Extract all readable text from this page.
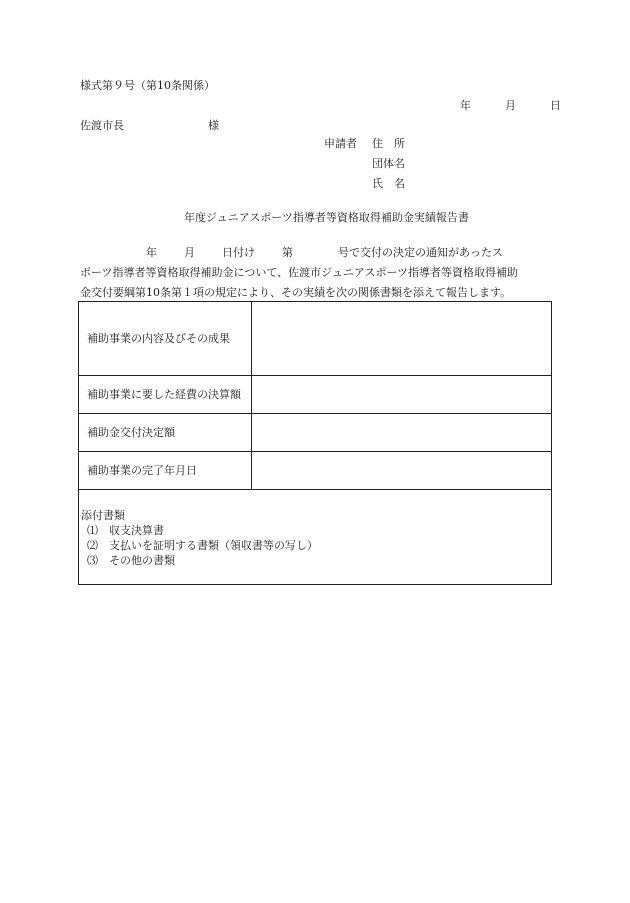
様式第９号（第10条関係）
年	月	日
佐渡市長	様
申請者	住　所
団体名
氏　名
年度ジュニアスポーツ指導者等資格取得補助金実績報告書
年 月 日付け 第	号で交付の決定の通知があったス
ポーツ指導者等資格取得補助金について、佐渡市ジュニアスポーツ指導者等資格取得補助
金交付要綱第10条第１項の規定により、その実績を次の関係書類を添えて報告します。
補助事業の内容及びその成果	
補助事業に要した経費の決算額	
補助金交付決定額	
補助事業の完了年月日	

添付書類
⑴ 収支決算書
⑵ 支払いを証明する書類（領収書等の写し）
⑶ その他の書類	
